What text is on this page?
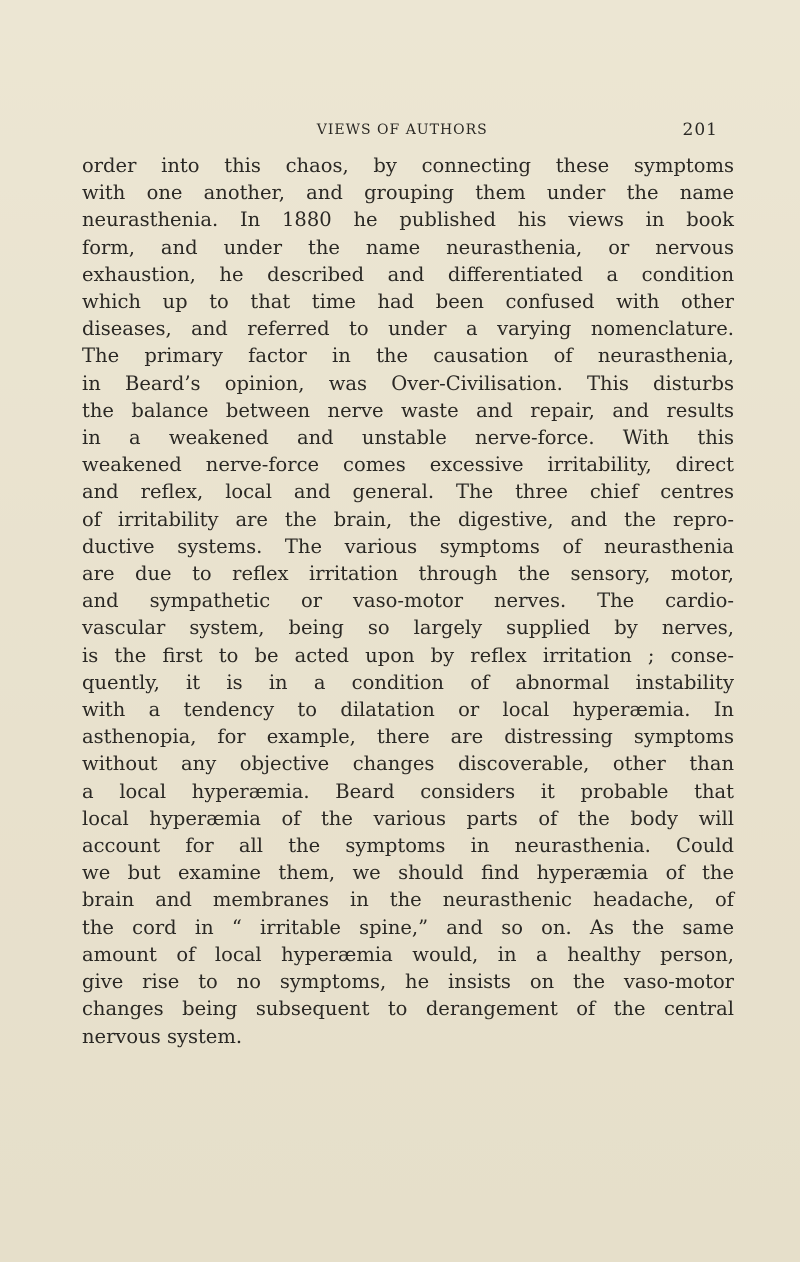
VIEWS OF AUTHORS	201
order into this chaos, by connecting these symptoms
with one another, and grouping them under the name
neurasthenia. In 1880 he published his views in book
form, and under the name neurasthenia, or nervous
exhaustion, he described and differentiated a condition
which up to that time had been confused with other
diseases, and referred to under a varying nomenclature.
The primary factor in the causation of neurasthenia,
in Beard’s opinion, was Over-Civilisation. This disturbs
the balance between nerve waste and repair, and results
in a weakened and unstable nerve-force. With this
weakened nerve-force comes excessive irritability, direct
and reflex, local and general. The three chief centres
of irritability are the brain, the digestive, and the repro-
ductive systems. The various symptoms of neurasthenia
are due to reflex irritation through the sensory, motor,
and sympathetic or vaso-motor nerves. The cardio-
vascular system, being so largely supplied by nerves,
is the first to be acted upon by reflex irritation ; conse-
quently, it is in a condition of abnormal instability
with a tendency to dilatation or local hyperæmia. In
asthenopia, for example, there are distressing symptoms
without any objective changes discoverable, other than
a local hyperæmia. Beard considers it probable that
local hyperæmia of the various parts of the body will
account for all the symptoms in neurasthenia. Could
we but examine them, we should find hyperæmia of the
brain and membranes in the neurasthenic headache, of
the cord in “ irritable spine,” and so on. As the same
amount of local hyperæmia would, in a healthy person,
give rise to no symptoms, he insists on the vaso-motor
changes being subsequent to derangement of the central
nervous system.
